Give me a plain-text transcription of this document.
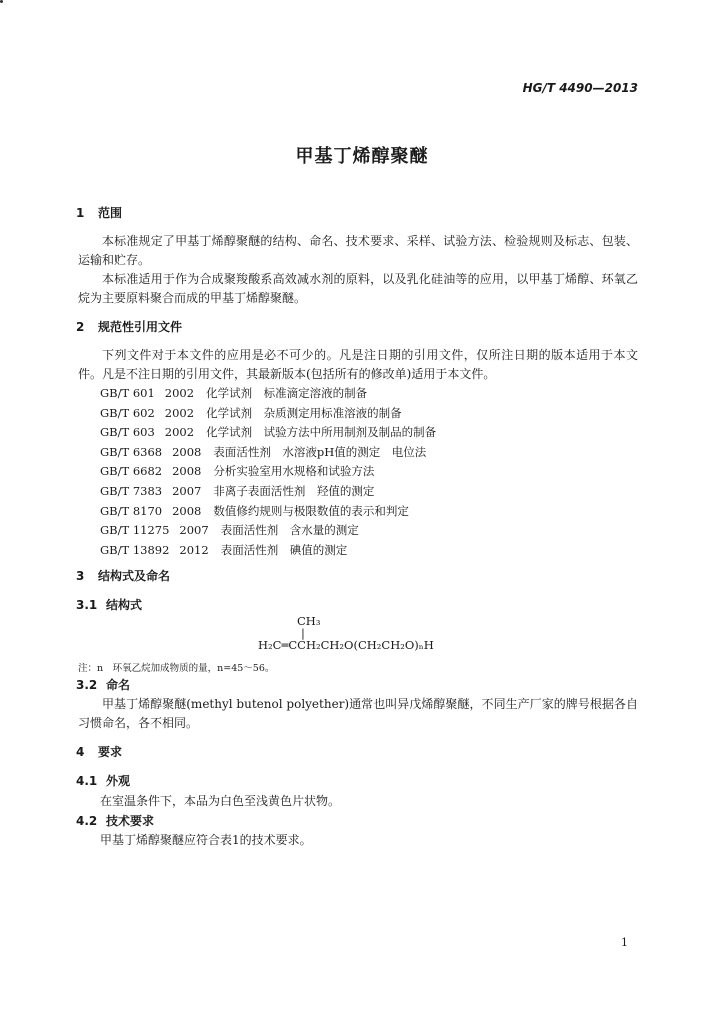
HG/T 4490—2013
甲基丁烯醇聚醚
1 范围
本标准规定了甲基丁烯醇聚醚的结构、命名、技术要求、采样、试验方法、检验规则及标志、包装、运输和贮存。
本标准适用于作为合成聚羧酸系高效减水剂的原料，以及乳化硅油等的应用，以甲基丁烯醇、环氧乙烷为主要原料聚合而成的甲基丁烯醇聚醚。
2 规范性引用文件
下列文件对于本文件的应用是必不可少的。凡是注日期的引用文件，仅所注日期的版本适用于本文件。凡是不注日期的引用文件，其最新版本(包括所有的修改单)适用于本文件。
GB/T 601 2002 化学试剂　标准滴定溶液的制备
GB/T 602 2002 化学试剂　杂质测定用标准溶液的制备
GB/T 603 2002 化学试剂　试验方法中所用制剂及制品的制备
GB/T 6368 2008 表面活性剂　水溶液pH值的测定　电位法
GB/T 6682 2008 分析实验室用水规格和试验方法
GB/T 7383 2007 非离子表面活性剂　羟值的测定
GB/T 8170 2008 数值修约规则与极限数值的表示和判定
GB/T 11275 2007 表面活性剂　含水量的测定
GB/T 13892 2012 表面活性剂　碘值的测定
3 结构式及命名
3.1 结构式
CH₃
|
H₂C═CCH₂CH₂O(CH₂CH₂O)ₙH
注：n　环氧乙烷加成物质的量，n=45～56。
3.2 命名
甲基丁烯醇聚醚(methyl butenol polyether)通常也叫异戊烯醇聚醚，不同生产厂家的牌号根据各自习惯命名，各不相同。
4 要求
4.1 外观
在室温条件下，本品为白色至浅黄色片状物。
4.2 技术要求
甲基丁烯醇聚醚应符合表1的技术要求。
1
